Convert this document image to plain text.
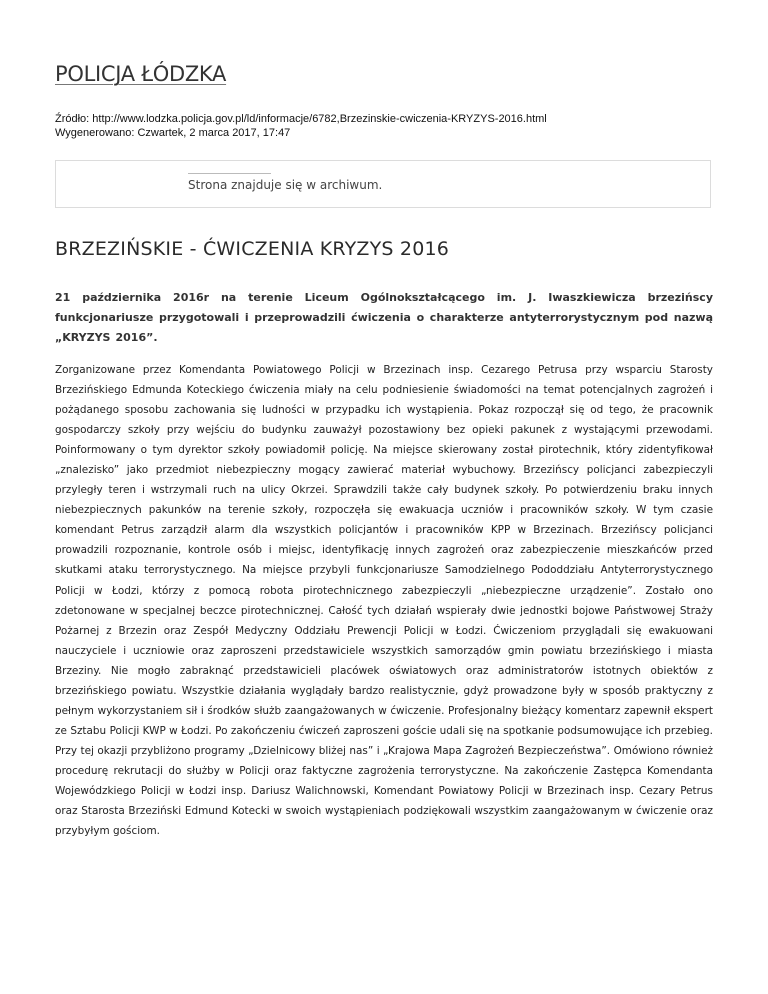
POLICJA ŁÓDZKA
Źródło: http://www.lodzka.policja.gov.pl/ld/informacje/6782,Brzezinskie-cwiczenia-KRYZYS-2016.html
Wygenerowano: Czwartek, 2 marca 2017, 17:47
Strona znajduje się w archiwum.
BRZEZIŃSKIE - ĆWICZENIA KRYZYS 2016

21 października 2016r na terenie Liceum Ogólnokształcącego im. J. Iwaszkiewicza brzezińscy funkcjonariusze przygotowali i przeprowadzili ćwiczenia o charakterze antyterrorystycznym pod nazwą „KRYZYS 2016”.

Zorganizowane przez Komendanta Powiatowego Policji w Brzezinach insp. Cezarego Petrusa przy wsparciu Starosty Brzezińskiego Edmunda Koteckiego ćwiczenia miały na celu podniesienie świadomości na temat potencjalnych zagrożeń i pożądanego sposobu zachowania się ludności w przypadku ich wystąpienia. Pokaz rozpoczął się od tego, że pracownik gospodarczy szkoły przy wejściu do budynku zauważył pozostawiony bez opieki pakunek z wystającymi przewodami. Poinformowany o tym dyrektor szkoły powiadomił policję. Na miejsce skierowany został pirotechnik, który zidentyfikował „znalezisko” jako przedmiot niebezpieczny mogący zawierać materiał wybuchowy. Brzezińscy policjanci zabezpieczyli przyległy teren i wstrzymali ruch na ulicy Okrzei. Sprawdzili także cały budynek szkoły. Po potwierdzeniu braku innych niebezpiecznych pakunków na terenie szkoły, rozpoczęła się ewakuacja uczniów i pracowników szkoły. W tym czasie komendant Petrus zarządził alarm dla wszystkich policjantów i pracowników KPP w Brzezinach. Brzezińscy policjanci prowadzili rozpoznanie, kontrole osób i miejsc, identyfikację innych zagrożeń oraz zabezpieczenie mieszkańców przed skutkami ataku terrorystycznego. Na miejsce przybyli funkcjonariusze Samodzielnego Pododdziału Antyterrorystycznego Policji w Łodzi, którzy z pomocą robota pirotechnicznego zabezpieczyli „niebezpieczne urządzenie”. Zostało ono zdetonowane w specjalnej beczce pirotechnicznej. Całość tych działań wspierały dwie jednostki bojowe Państwowej Straży Pożarnej z Brzezin oraz Zespół Medyczny Oddziału Prewencji Policji w Łodzi. Ćwiczeniom przyglądali się ewakuowani nauczyciele i uczniowie oraz zaproszeni przedstawiciele wszystkich samorządów gmin powiatu brzezińskiego i miasta Brzeziny. Nie mogło zabraknąć przedstawicieli placówek oświatowych oraz administratorów istotnych obiektów z brzezińskiego powiatu. Wszystkie działania wyglądały bardzo realistycznie, gdyż prowadzone były w sposób praktyczny z pełnym wykorzystaniem sił i środków służb zaangażowanych w ćwiczenie. Profesjonalny bieżący komentarz zapewnił ekspert ze Sztabu Policji KWP w Łodzi. Po zakończeniu ćwiczeń zaproszeni goście udali się na spotkanie podsumowujące ich przebieg. Przy tej okazji przybliżono programy „Dzielnicowy bliżej nas” i „Krajowa Mapa Zagrożeń Bezpieczeństwa”. Omówiono również procedurę rekrutacji do służby w Policji oraz faktyczne zagrożenia terrorystyczne. Na zakończenie Zastępca Komendanta Wojewódzkiego Policji w Łodzi insp. Dariusz Walichnowski, Komendant Powiatowy Policji w Brzezinach insp. Cezary Petrus oraz Starosta Brzeziński Edmund Kotecki w swoich wystąpieniach podziękowali wszystkim zaangażowanym w ćwiczenie oraz przybyłym gościom.
